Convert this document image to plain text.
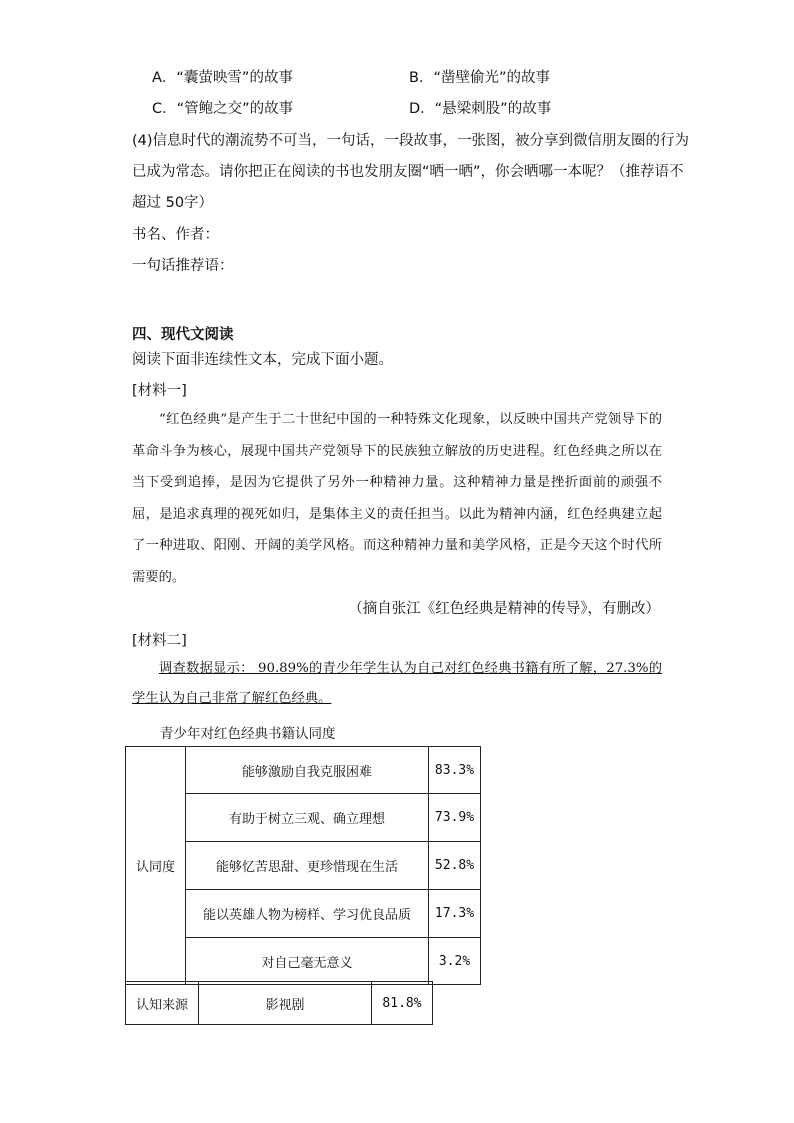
A．“囊萤映雪”的故事	B．“凿壁偷光”的故事
C．“管鲍之交”的故事	D．“悬梁刺股”的故事
(4)信息时代的潮流势不可当，一句话，一段故事，一张图，被分享到微信朋友圈的行为
已成为常态。请你把正在阅读的书也发朋友圈“晒一晒”，你会晒哪一本呢？（推荐语不
超过 50字）
书名、作者：
一句话推荐语：
四、现代文阅读
阅读下面非连续性文本，完成下面小题。
[材料一]
“红色经典”是产生于二十世纪中国的一种特殊文化现象，以反映中国共产党领导下的革命斗争为核心，展现中国共产党领导下的民族独立解放的历史进程。红色经典之所以在当下受到追捧，是因为它提供了另外一种精神力量。这种精神力量是挫折面前的顽强不屈，是追求真理的视死如归，是集体主义的责任担当。以此为精神内涵，红色经典建立起了一种进取、阳刚、开阔的美学风格。而这种精神力量和美学风格，正是今天这个时代所需要的。
（摘自张江《红色经典是精神的传导》，有删改）
[材料二]
调查数据显示： 90.89%的青少年学生认为自己对红色经典书籍有所了解，27.3%的学生认为自己非常了解红色经典。
青少年对红色经典书籍认同度
认同度	能够激励自我克服困难	83.3%
	有助于树立三观、确立理想	73.9%
	能够忆苦思甜、更珍惜现在生活	52.8%
	能以英雄人物为榜样、学习优良品质	17.3%
	对自己毫无意义	3.2%
认知来源	影视剧	81.8%
